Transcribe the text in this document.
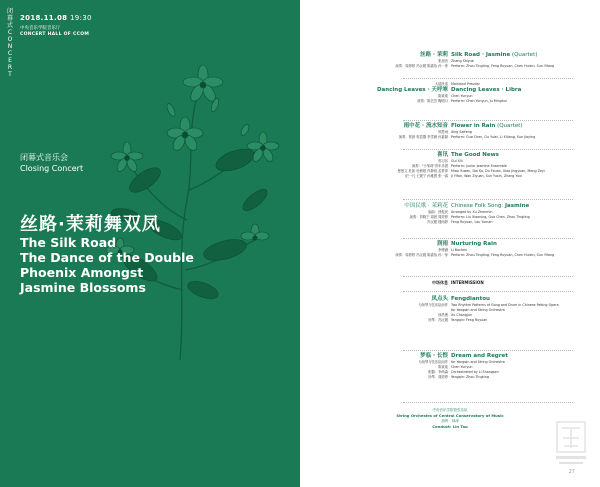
闭
幕
式
C
O
N
C
E
R
T
2018.11.08 19:30
中央音乐学院音乐厅
CONCERT HALL OF CCOM
闭幕式音乐会
Closing Concert
丝路·茉莉舞双凤
The Silk Road
The Dance of the Double
Phoenix Amongst
Jasmine Blossoms
丝路 · 茉莉 Silk Road · Jasmine (Quartet)
张旭音 Zhang Shiyue
演奏：周婷婷 冯沅媛 陈嘉怡 孙一菲 Perform: Zhou Tingting, Feng Ruyuan, Chen Huixin, Sun Yifang
大陆民谣 Mainland Preudar
Dancing Leaves · 天呼寒 Dancing Leaves · Libra
陈欢欢 Chen Yunyun
演奏：陈芸芸 鞠明月 Perform: Chen Yunyun, Ju Minghui
雨中花 · 流水知音 Flower in Rain (Quartet)
邢思雨 Xing Saifeng
演奏：郭晨 郭语馨 李雪雁 孙嘉颖 Perform: Guo Chen, Gu Yulei, Li Xiliang, Sun Jiaying
喜讯 The Good News
郭习乐 Gui Xili
演奏："小茉莉"青年乐团 Perform: Junior Jasmine Ensemble
曼曼文 杜凯 杜俐娅 肖静庭 孟梦萍 Miao Yuwen, Dai Ku, Du Feuan, Xiao Jingyuan, Meng Zeyi
纪一凡 王媛宁 孙雅慧 张一睿 Ji Yifan, Wan Ziyuan, Sun Yuxin, Zhang Yuxi
中国民歌 · 茉莉花 Chinese Folk Song: Jasmine
编曲：徐振民 Arranged by Xu Zhenmin
演奏：刘晓宁 周晨 周婷婷 Perform: Liu Xiaoning, Guo Chen, Zhou Tingting
冯沅媛 楼雨婷 Feng Ruyuan, Lou Yuman
润雨 Nurturing Rain
李博涵 Li Bochen
演奏：周婷婷 冯沅媛 陈嘉怡 孙一菲 Perform: Zhou Tingting, Feng Ruyuan, Chen Huixin, Sun Yifang
中场休息 INTERMISSION
凤点头 Fengdiantou
为扬琴与弦乐队而作 Two Rhythm Patterns of Gong and Drum in Chinese Peking Opera
for Yangqin and String Orchestra
徐昌俊 Xu Changjun
扬琴：冯沅媛 Yangqin: Feng Ruyuan
梦临 · 长恨 Dream and Regret
为扬琴与弦乐队而作 for Yangqin and String Orchestra
陈欢欢 Chen Yunyun
配器：李尚森 Orchestrated by Li Shangsen
扬琴：周婷婷 Yangqin: Zhou Tingting
中央音乐学院管弦乐队
String Orchestra of Central Conservatory of Music
指挥：林涛
Conduct: Lin Tao
27
